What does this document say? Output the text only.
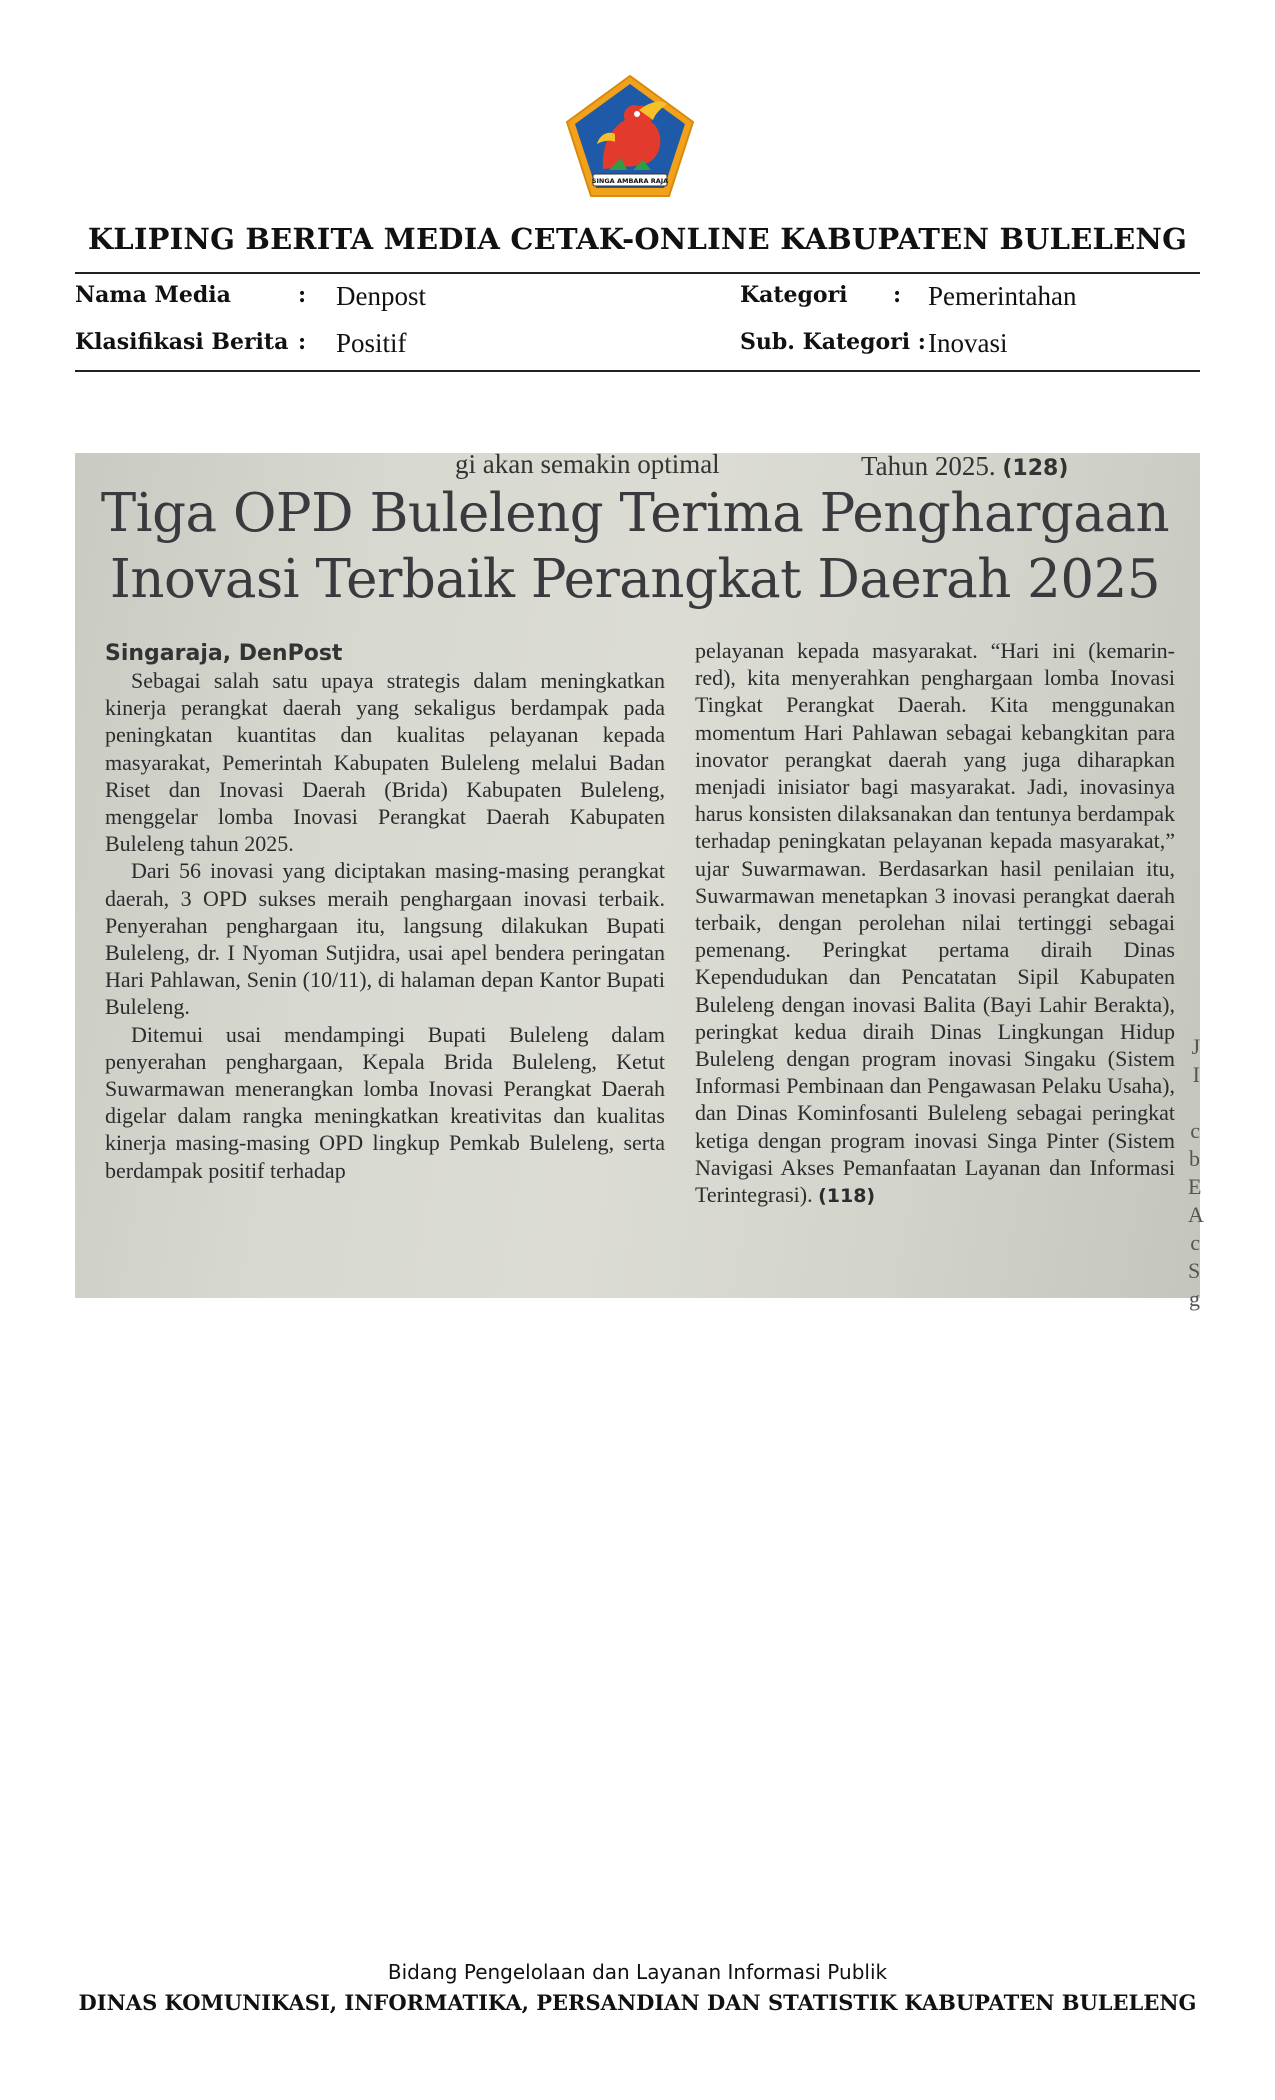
SINGA AMBARA RAJA
KLIPING BERITA MEDIA CETAK-ONLINE KABUPATEN BULELENG
Nama Media	: Denpost
Klasifikasi Berita : Positif
Kategori : Pemerintahan
Sub. Kategori : Inovasi
gi akan semakin optimal	Tahun 2025. (128)
Tiga OPD Buleleng Terima Penghargaan
Inovasi Terbaik Perangkat Daerah 2025
Singaraja, DenPost

Sebagai salah satu upaya strategis dalam meningkatkan kinerja perangkat daerah yang sekaligus berdampak pada peningkatan kuantitas dan kualitas pelayanan kepada masyarakat, Pemerintah Kabupaten Buleleng melalui Badan Riset dan Inovasi Daerah (Brida) Kabupaten Buleleng, menggelar lomba Inovasi Perangkat Daerah Kabupaten Buleleng tahun 2025.

Dari 56 inovasi yang diciptakan masing-masing perangkat daerah, 3 OPD sukses meraih penghargaan inovasi terbaik. Penyerahan penghargaan itu, langsung dilakukan Bupati Buleleng, dr. I Nyoman Sutjidra, usai apel bendera peringatan Hari Pahlawan, Senin (10/11), di halaman depan Kantor Bupati Buleleng.

Ditemui usai mendampingi Bupati Buleleng dalam penyerahan penghargaan, Kepala Brida Buleleng, Ketut Suwarmawan menerangkan lomba Inovasi Perangkat Daerah digelar dalam rangka meningkatkan kreativitas dan kualitas kinerja masing-masing OPD lingkup Pemkab Buleleng, serta berdampak positif terhadap

pelayanan kepada masyarakat. “Hari ini (kemarin-red), kita menyerahkan penghargaan lomba Inovasi Tingkat Perangkat Daerah. Kita menggunakan momentum Hari Pahlawan sebagai kebangkitan para inovator perangkat daerah yang juga diharapkan menjadi inisiator bagi masyarakat. Jadi, inovasinya harus konsisten dilaksanakan dan tentunya berdampak terhadap peningkatan pelayanan kepada masyarakat,” ujar Suwarmawan. Berdasarkan hasil penilaian itu, Suwarmawan menetapkan 3 inovasi perangkat daerah terbaik, dengan perolehan nilai tertinggi sebagai pemenang. Peringkat pertama diraih Dinas Kependudukan dan Pencatatan Sipil Kabupaten Buleleng dengan inovasi Balita (Bayi Lahir Berakta), peringkat kedua diraih Dinas Lingkungan Hidup Buleleng dengan program inovasi Singaku (Sistem Informasi Pembinaan dan Pengawasan Pelaku Usaha), dan Dinas Kominfosanti Buleleng sebagai peringkat ketiga dengan program inovasi Singa Pinter (Sistem Navigasi Akses Pemanfaatan Layanan dan Informasi Terintegrasi). (118)
J
I

c
b
E
A
c
S
g
Bidang Pengelolaan dan Layanan Informasi Publik
DINAS KOMUNIKASI, INFORMATIKA, PERSANDIAN DAN STATISTIK KABUPATEN BULELENG
